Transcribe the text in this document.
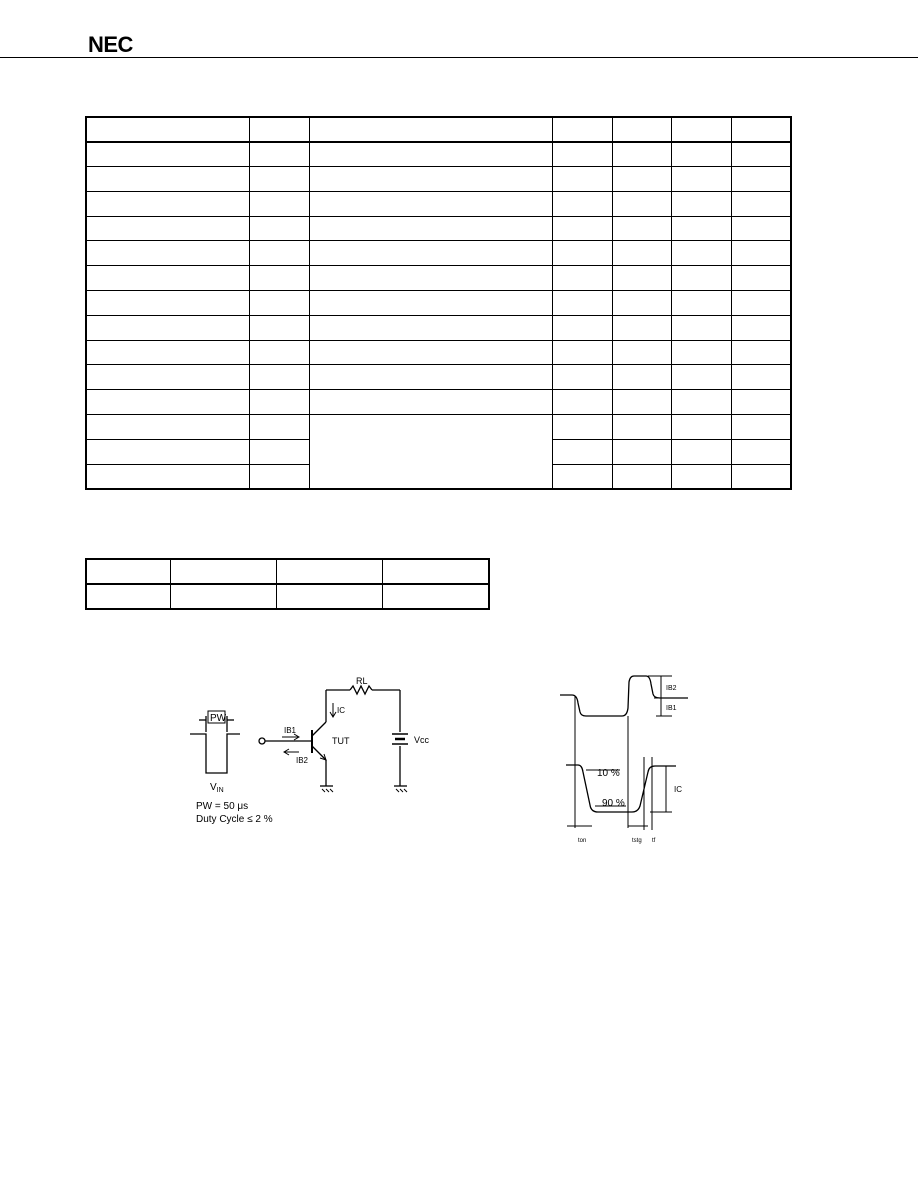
NEC

PW
$V_{IN}$
IB1
IB2
IC
RL
TUT	Vcc
PW = 50 μs
Duty Cycle ≤ 2 %
IB2
IB1
IC
10 %
90 %
ton	tstg tf
